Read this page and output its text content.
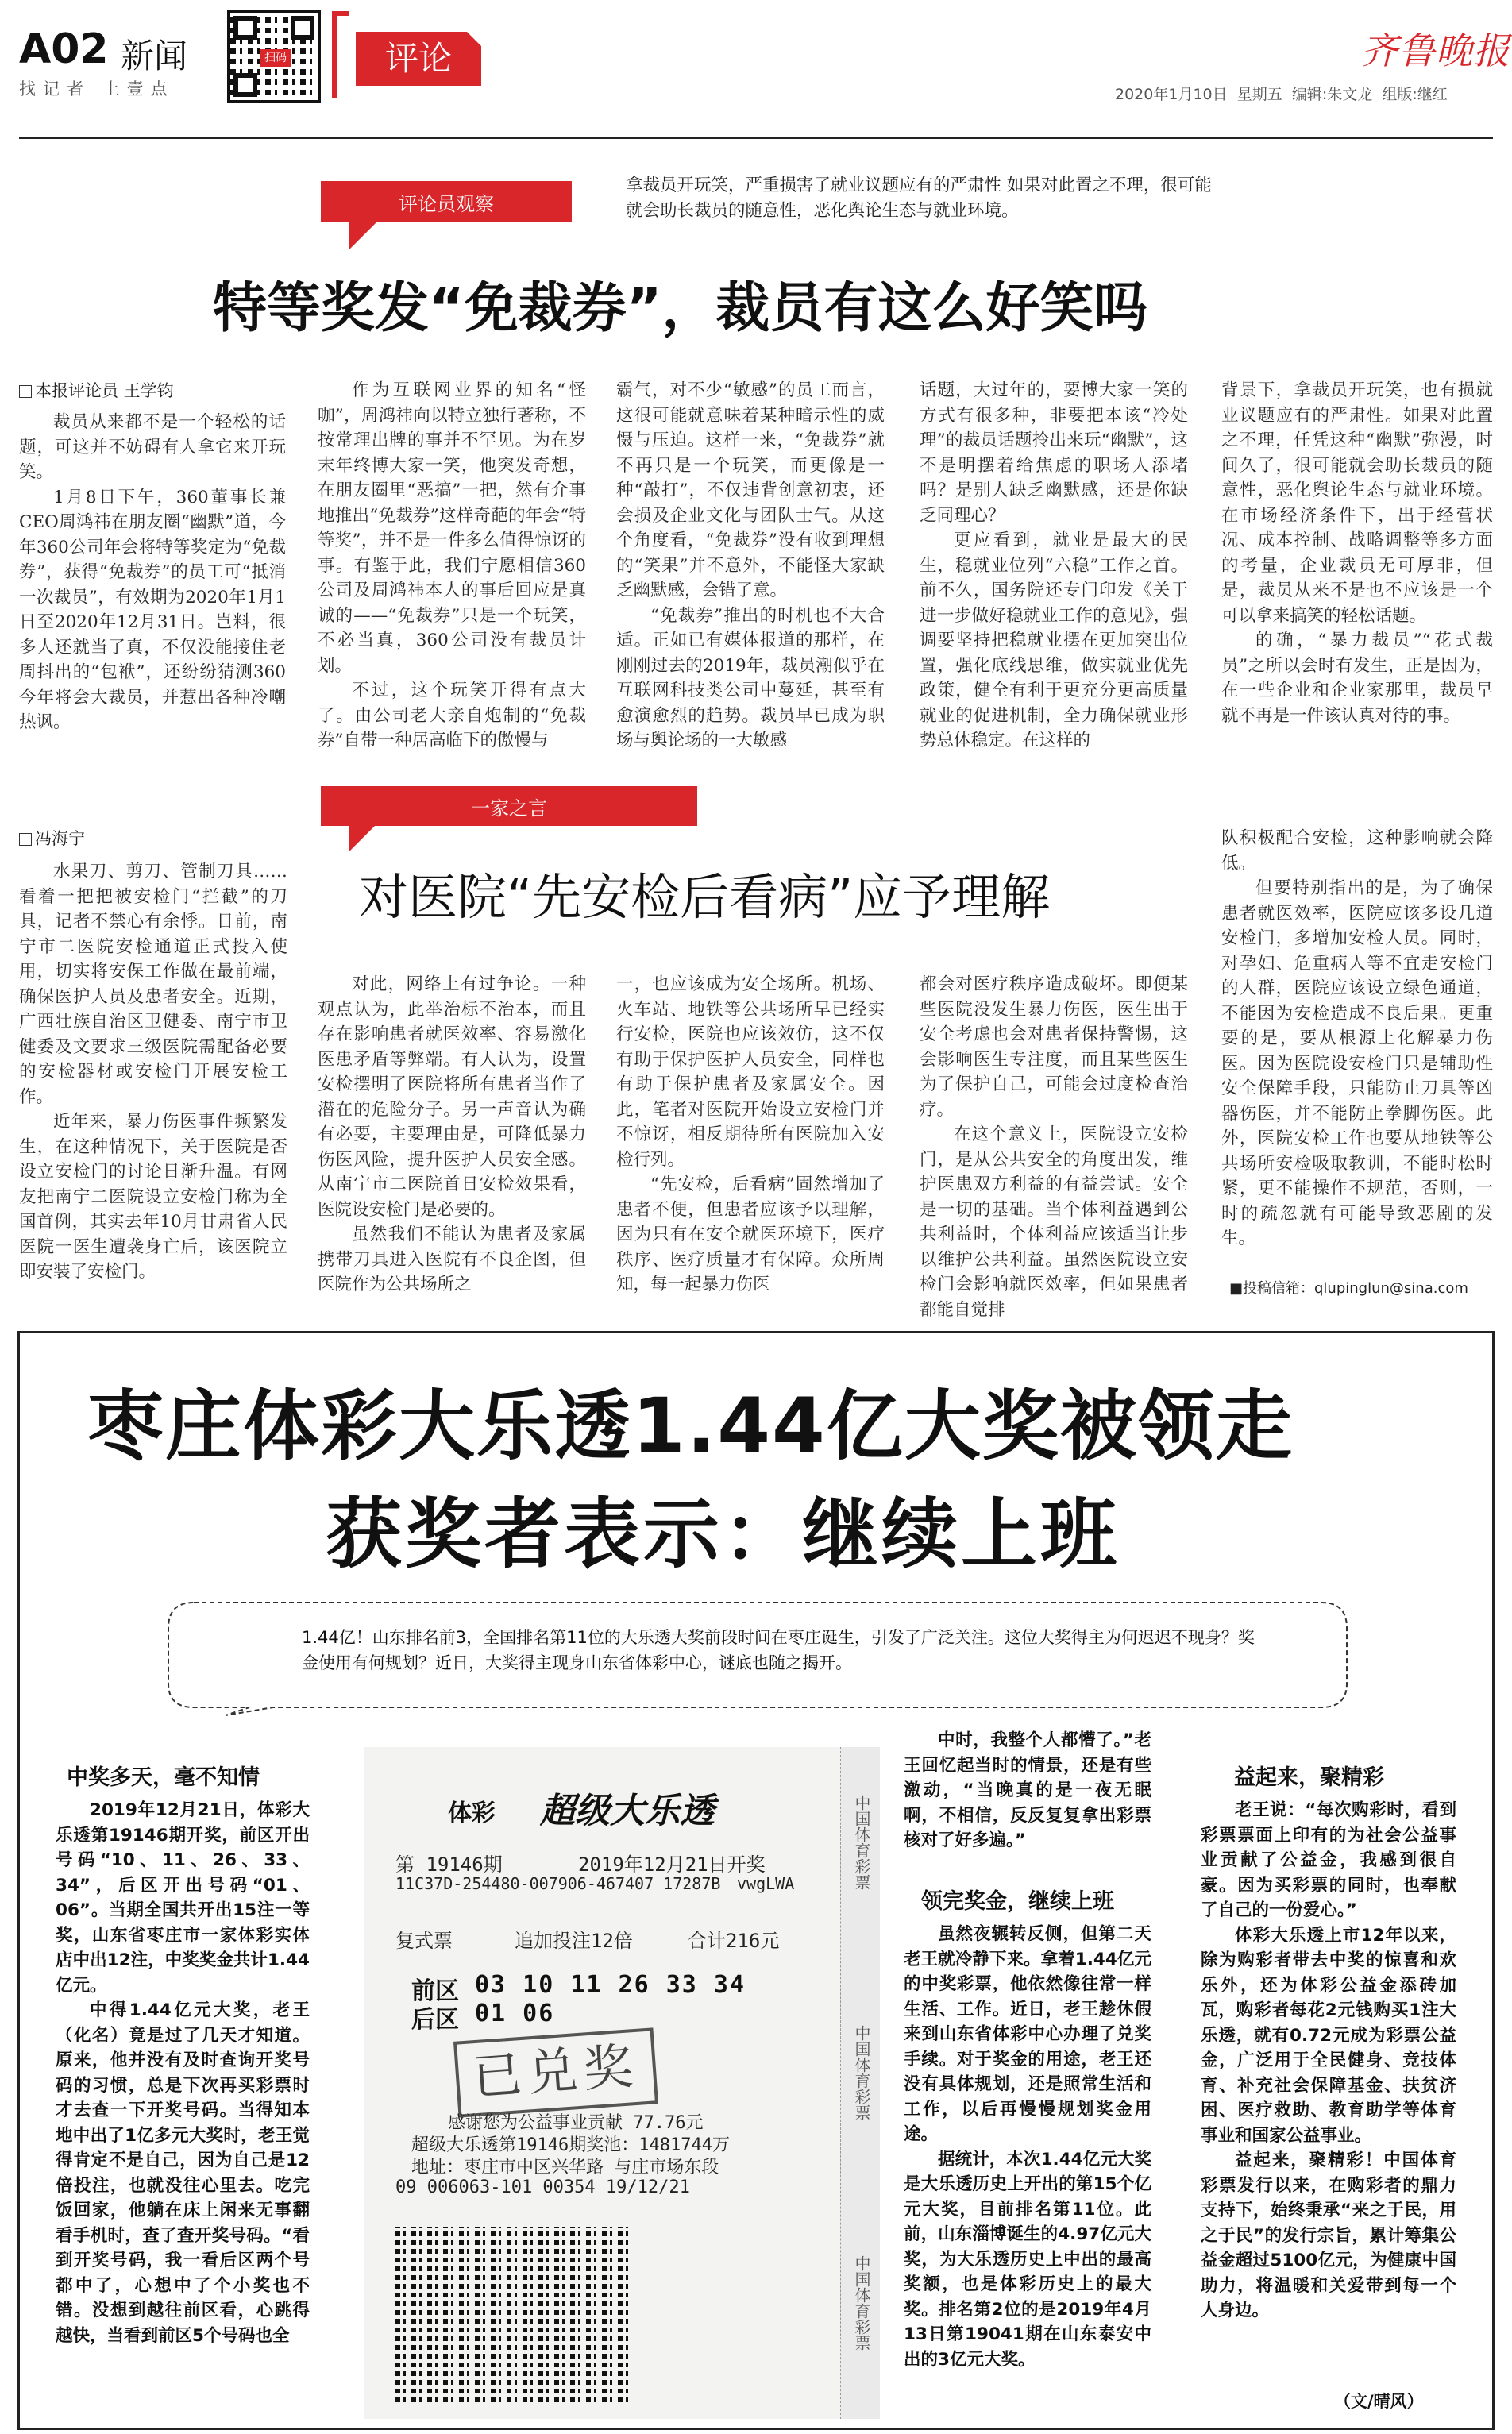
A02 新闻
找记者 上壹点
扫码	评论	齐鲁晚报
2020年1月10日 星期五 编辑:朱文龙 组版:继红
评论员观察
拿裁员开玩笑，严重损害了就业议题应有的严肃性 如果对此置之不理，很可能就会助长裁员的随意性，恶化舆论生态与就业环境。
特等奖发“免裁券”，裁员有这么好笑吗
本报评论员 王学钧

裁员从来都不是一个轻松的话题，可这并不妨碍有人拿它来开玩笑。

1月8日下午，360董事长兼CEO周鸿祎在朋友圈“幽默”道，今年360公司年会将特等奖定为“免裁券”，获得“免裁券”的员工可“抵消一次裁员”，有效期为2020年1月1日至2020年12月31日。岂料，很多人还就当了真，不仅没能接住老周抖出的“包袱”，还纷纷猜测360今年将会大裁员，并惹出各种冷嘲热讽。

作为互联网业界的知名“怪咖”，周鸿祎向以特立独行著称，不按常理出牌的事并不罕见。为在岁末年终博大家一笑，他突发奇想，在朋友圈里“恶搞”一把，然有介事地推出“免裁券”这样奇葩的年会“特等奖”，并不是一件多么值得惊讶的事。有鉴于此，我们宁愿相信360公司及周鸿祎本人的事后回应是真诚的——“免裁券”只是一个玩笑，不必当真，360公司没有裁员计划。

不过，这个玩笑开得有点大了。由公司老大亲自炮制的“免裁券”自带一种居高临下的傲慢与

霸气，对不少“敏感”的员工而言，这很可能就意味着某种暗示性的威慑与压迫。这样一来，“免裁券”就不再只是一个玩笑，而更像是一种“敲打”，不仅违背创意初衷，还会损及企业文化与团队士气。从这个角度看，“免裁券”没有收到理想的“笑果”并不意外，不能怪大家缺乏幽默感，会错了意。

“免裁券”推出的时机也不大合适。正如已有媒体报道的那样，在刚刚过去的2019年，裁员潮似乎在互联网科技类公司中蔓延，甚至有愈演愈烈的趋势。裁员早已成为职场与舆论场的一大敏感

话题，大过年的，要博大家一笑的方式有很多种，非要把本该“冷处理”的裁员话题拎出来玩“幽默”，这不是明摆着给焦虑的职场人添堵吗？是别人缺乏幽默感，还是你缺乏同理心？

更应看到，就业是最大的民生，稳就业位列“六稳”工作之首。前不久，国务院还专门印发《关于进一步做好稳就业工作的意见》，强调要坚持把稳就业摆在更加突出位置，强化底线思维，做实就业优先政策，健全有利于更充分更高质量就业的促进机制，全力确保就业形势总体稳定。在这样的

背景下，拿裁员开玩笑，也有损就业议题应有的严肃性。如果对此置之不理，任凭这种“幽默”弥漫，时间久了，很可能就会助长裁员的随意性，恶化舆论生态与就业环境。在市场经济条件下，出于经营状况、成本控制、战略调整等多方面的考量，企业裁员无可厚非，但是，裁员从来不是也不应该是一个可以拿来搞笑的轻松话题。

的确，“暴力裁员”“花式裁员”之所以会时有发生，正是因为，在一些企业和企业家那里，裁员早就不再是一件该认真对待的事。

一家之言
对医院“先安检后看病”应予理解
冯海宁

水果刀、剪刀、管制刀具……看着一把把被安检门“拦截”的刀具，记者不禁心有余悸。日前，南宁市二医院安检通道正式投入使用，切实将安保工作做在最前端，确保医护人员及患者安全。近期，广西壮族自治区卫健委、南宁市卫健委及文要求三级医院需配备必要的安检器材或安检门开展安检工作。

近年来，暴力伤医事件频繁发生，在这种情况下，关于医院是否设立安检门的讨论日渐升温。有网友把南宁二医院设立安检门称为全国首例，其实去年10月甘肃省人民医院一医生遭袭身亡后，该医院立即安装了安检门。

对此，网络上有过争论。一种观点认为，此举治标不治本，而且存在影响患者就医效率、容易激化医患矛盾等弊端。有人认为，设置安检摆明了医院将所有患者当作了潜在的危险分子。另一声音认为确有必要，主要理由是，可降低暴力伤医风险，提升医护人员安全感。从南宁市二医院首日安检效果看，医院设安检门是必要的。

虽然我们不能认为患者及家属携带刀具进入医院有不良企图，但医院作为公共场所之

一，也应该成为安全场所。机场、火车站、地铁等公共场所早已经实行安检，医院也应该效仿，这不仅有助于保护医护人员安全，同样也有助于保护患者及家属安全。因此，笔者对医院开始设立安检门并不惊讶，相反期待所有医院加入安检行列。

“先安检，后看病”固然增加了患者不便，但患者应该予以理解，因为只有在安全就医环境下，医疗秩序、医疗质量才有保障。众所周知，每一起暴力伤医

都会对医疗秩序造成破坏。即便某些医院没发生暴力伤医，医生出于安全考虑也会对患者保持警惕，这会影响医生专注度，而且某些医生为了保护自己，可能会过度检查治疗。

在这个意义上，医院设立安检门，是从公共安全的角度出发，维护医患双方利益的有益尝试。安全是一切的基础。当个体利益遇到公共利益时，个体利益应该适当让步以维护公共利益。虽然医院设立安检门会影响就医效率，但如果患者都能自觉排

队积极配合安检，这种影响就会降低。

但要特别指出的是，为了确保患者就医效率，医院应该多设几道安检门，多增加安检人员。同时，对孕妇、危重病人等不宜走安检门的人群，医院应该设立绿色通道，不能因为安检造成不良后果。更重要的是，要从根源上化解暴力伤医。因为医院设安检门只是辅助性安全保障手段，只能防止刀具等凶器伤医，并不能防止拳脚伤医。此外，医院安检工作也要从地铁等公共场所安检吸取教训，不能时松时紧，更不能操作不规范，否则，一时的疏忽就有可能导致恶剧的发生。

■投稿信箱：qlupinglun@sina.com
枣庄体彩大乐透1.44亿大奖被领走
获奖者表示：继续上班
1.44亿！山东排名前3，全国排名第11位的大乐透大奖前段时间在枣庄诞生，引发了广泛关注。这位大奖得主为何迟迟不现身？奖金使用有何规划？近日，大奖得主现身山东省体彩中心，谜底也随之揭开。
中奖多天，毫不知情

2019年12月21日，体彩大乐透第19146期开奖，前区开出号码“10、11、26、33、34”，后区开出号码“01、06”。当期全国共开出15注一等奖，山东省枣庄市一家体彩实体店中出12注，中奖奖金共计1.44亿元。

中得1.44亿元大奖，老王（化名）竟是过了几天才知道。原来，他并没有及时查询开奖号码的习惯，总是下次再买彩票时才去查一下开奖号码。当得知本地中出了1亿多元大奖时，老王觉得肯定不是自己，因为自己是12倍投注，也就没往心里去。吃完饭回家，他躺在床上闲来无事翻看手机时，查了查开奖号码。“看到开奖号码，我一看后区两个号都中了，心想中了个小奖也不错。没想到越往前区看，心跳得越快，当看到前区5个号码也全

体彩 超级大乐透
第 19146期	2019年12月21日开奖
11C37D-254480-007906-467407 17287B vwgLWA
复式票	追加投注12倍	合计216元
前区 03 10 11 26 33 34
后区 01 06
已兑奖
感谢您为公益事业贡献 77.76元
超级大乐透第19146期奖池：1481744万
地址：枣庄市中区兴华路 与庄市场东段
09 006063-101 00354 19/12/21
中国体育彩票
中国体育彩票
中国体育彩票

中时，我整个人都懵了。”老王回忆起当时的情景，还是有些激动，“当晚真的是一夜无眠啊，不相信，反反复复拿出彩票核对了好多遍。”

领完奖金，继续上班

虽然夜辗转反侧，但第二天老王就冷静下来。拿着1.44亿元的中奖彩票，他依然像往常一样生活、工作。近日，老王趁休假来到山东省体彩中心办理了兑奖手续。对于奖金的用途，老王还没有具体规划，还是照常生活和工作，以后再慢慢规划奖金用途。

据统计，本次1.44亿元大奖是大乐透历史上开出的第15个亿元大奖，目前排名第11位。此前，山东淄博诞生的4.97亿元大奖，为大乐透历史上中出的最高奖额，也是体彩历史上的最大奖。排名第2位的是2019年4月13日第19041期在山东泰安中出的3亿元大奖。

益起来，聚精彩

老王说：“每次购彩时，看到彩票票面上印有的为社会公益事业贡献了公益金，我感到很自豪。因为买彩票的同时，也奉献了自己的一份爱心。”

体彩大乐透上市12年以来，除为购彩者带去中奖的惊喜和欢乐外，还为体彩公益金添砖加瓦，购彩者每花2元钱购买1注大乐透，就有0.72元成为彩票公益金，广泛用于全民健身、竞技体育、补充社会保障基金、扶贫济困、医疗救助、教育助学等体育事业和国家公益事业。

益起来，聚精彩！中国体育彩票发行以来，在购彩者的鼎力支持下，始终秉承“来之于民，用之于民”的发行宗旨，累计筹集公益金超过5100亿元，为健康中国助力，将温暖和关爱带到每一个人身边。

（文/晴风）
